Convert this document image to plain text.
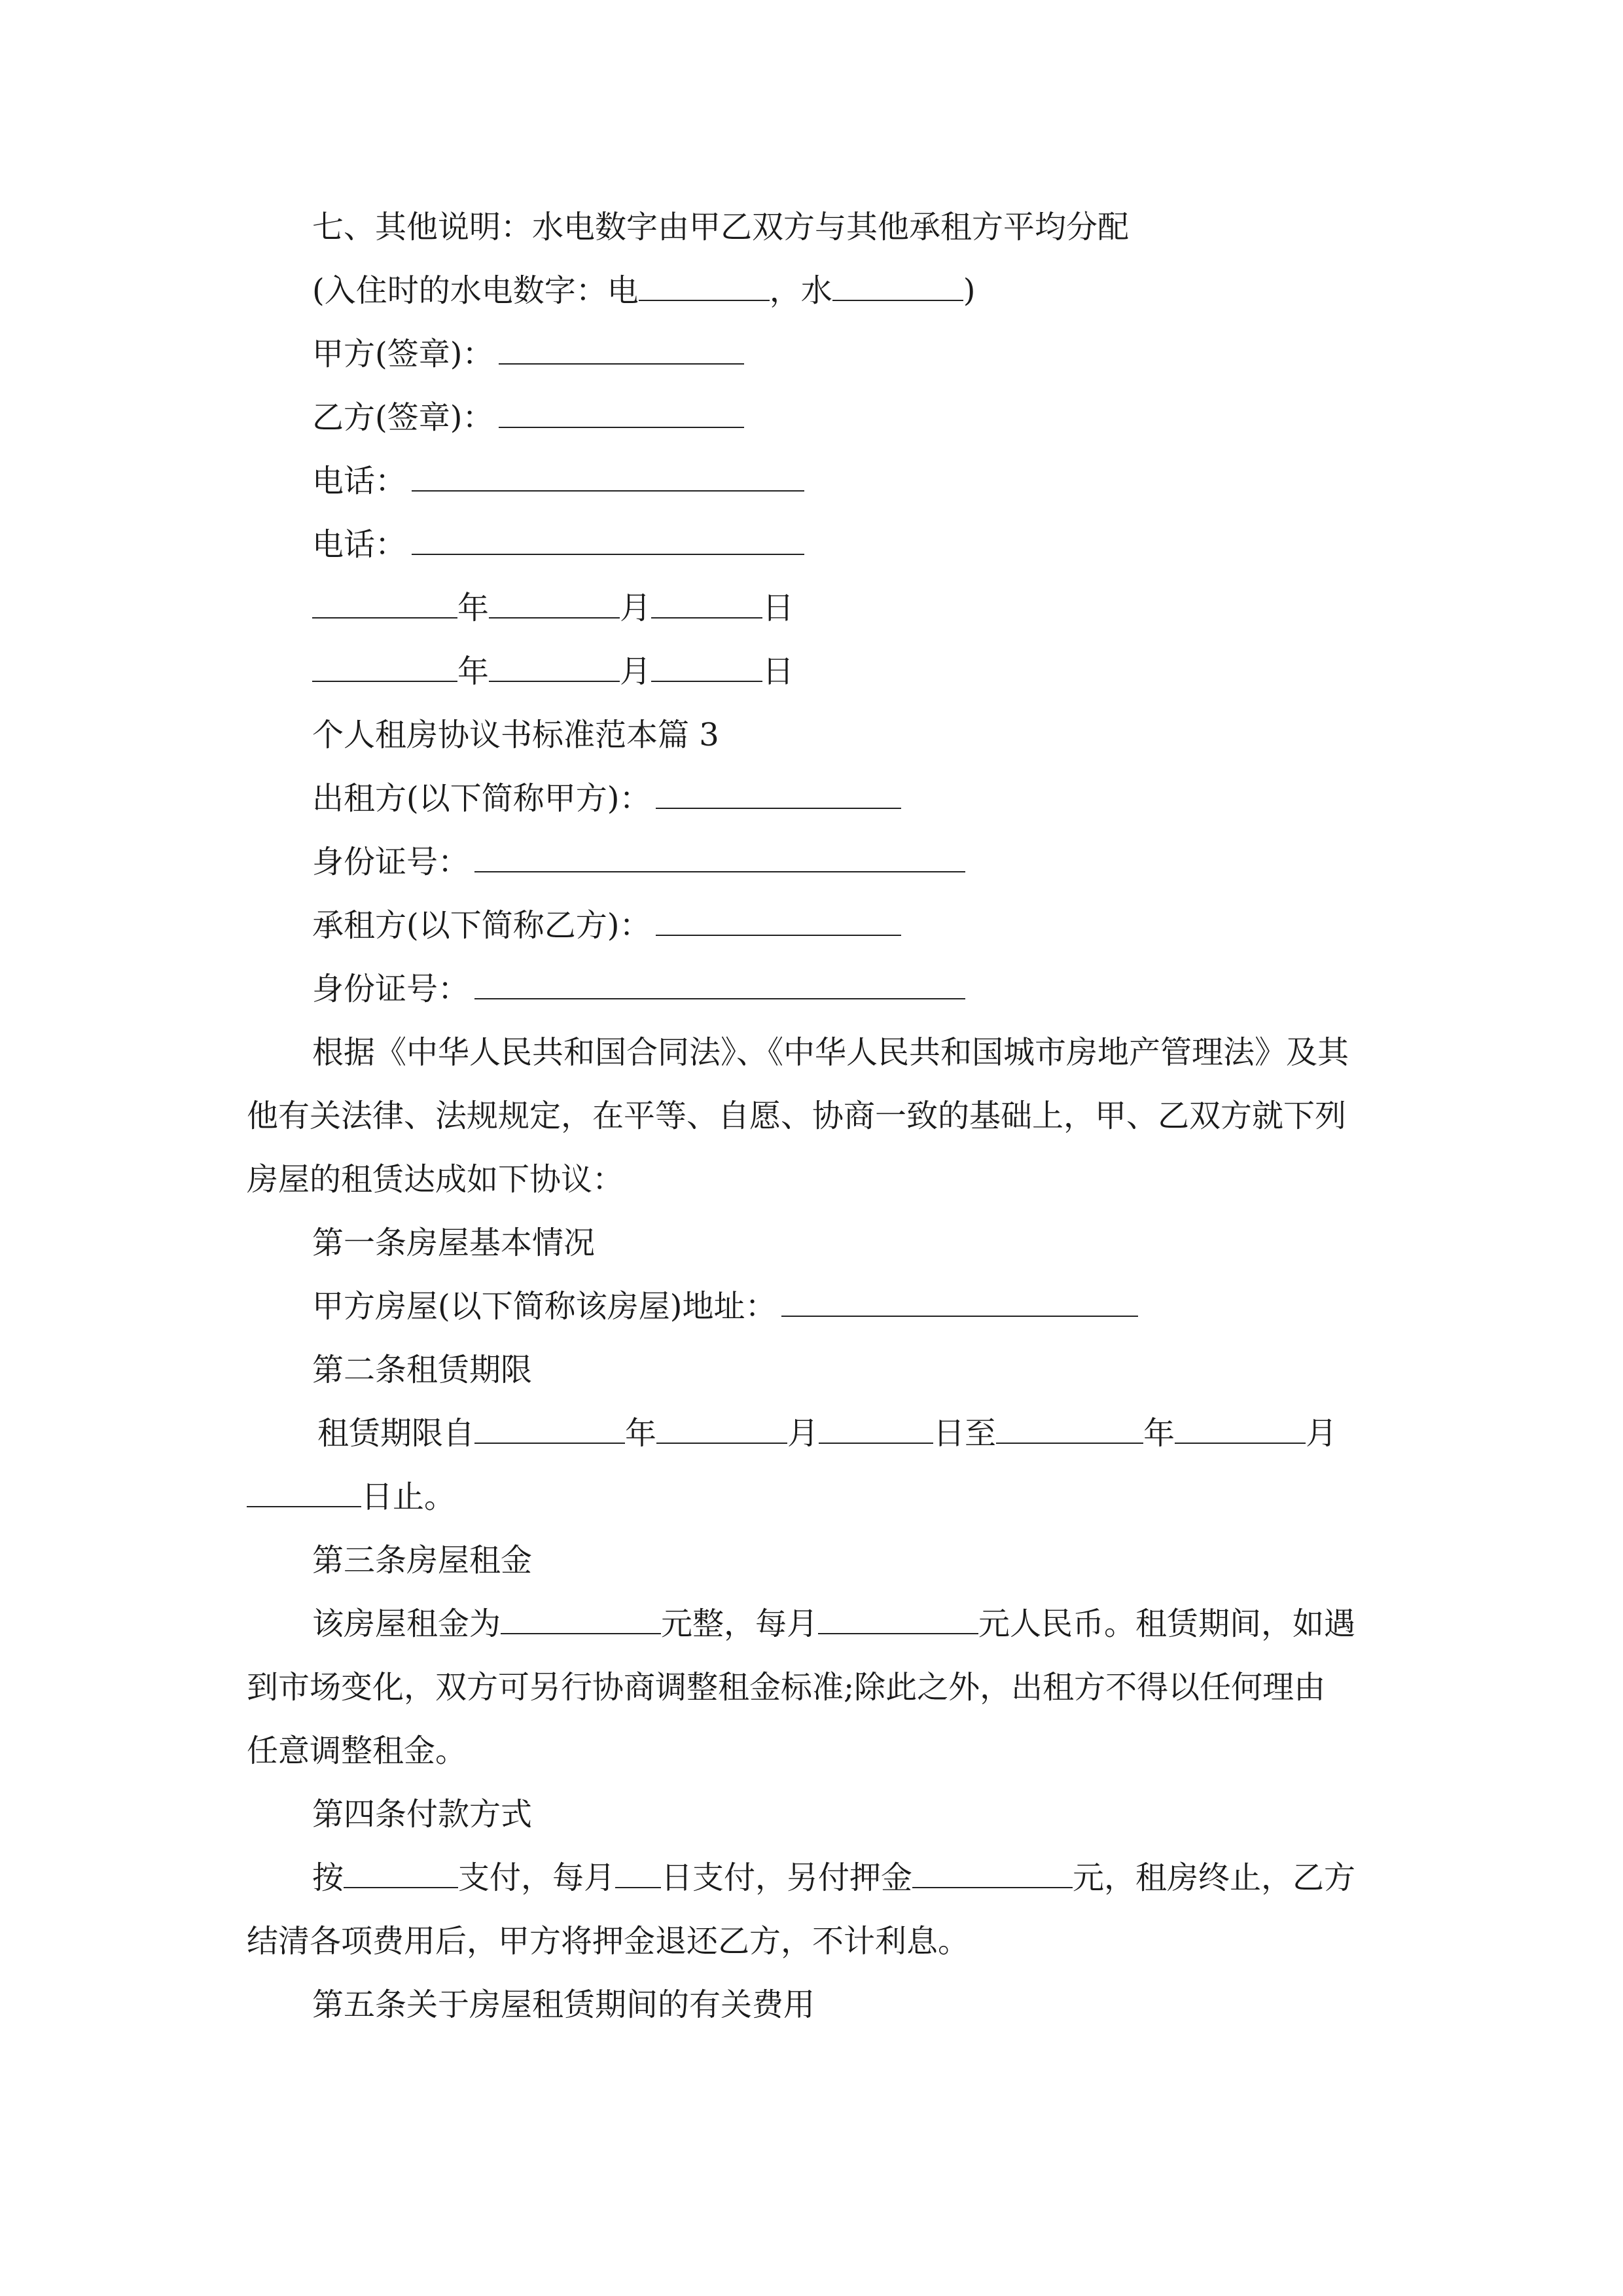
七、其他说明：水电数字由甲乙双方与其他承租方平均分配
(入住时的水电数字：电	，水	)
甲方(签章)：
乙方(签章)：
电话：
电话：
年	月	日
年	月	日
个人租房协议书标准范本篇 3
出租方(以下简称甲方)：
身份证号：
承租方(以下简称乙方)：
身份证号：
根据《中华人民共和国合同法》、《中华人民共和国城市房地产管理法》及其
他有关法律、法规规定，在平等、自愿、协商一致的基础上，甲、乙双方就下列
房屋的租赁达成如下协议：
第一条房屋基本情况
甲方房屋(以下简称该房屋)地址：
第二条租赁期限
租赁期限自	年	月	日至	年	月
日止。
第三条房屋租金
该房屋租金为	元整，每月	元人民币。租赁期间，如遇
到市场变化，双方可另行协商调整租金标准;除此之外，出租方不得以任何理由
任意调整租金。
第四条付款方式
按	支付，每月 日支付，另付押金	元，租房终止，乙方
结清各项费用后，甲方将押金退还乙方，不计利息。
第五条关于房屋租赁期间的有关费用
